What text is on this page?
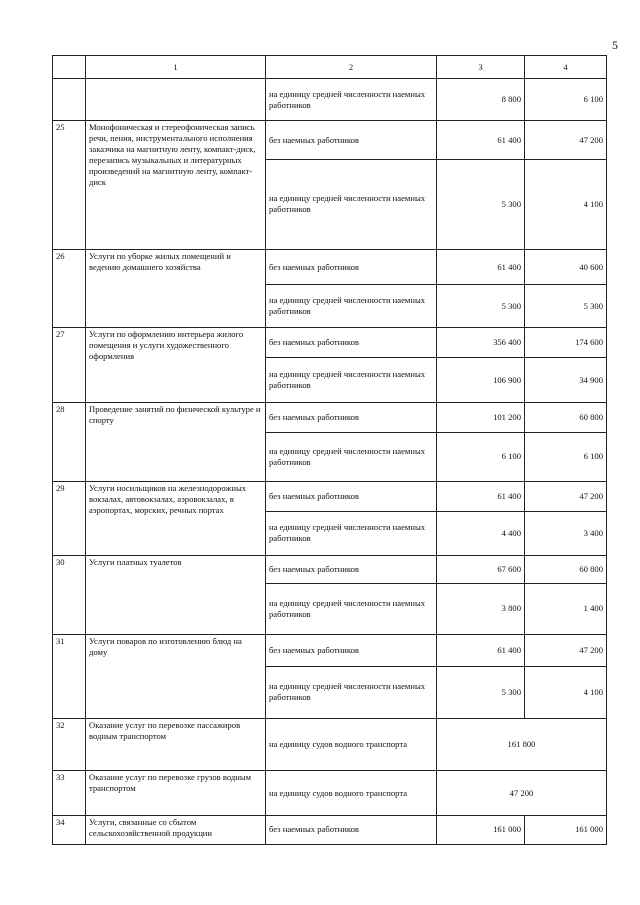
5
	1	2	3	4
		на единицу средней численности наемных работников	8 800	6 100
25	Монофоническая и стереофоническая запись речи, пения, инструментального исполнения заказчика на магнитную ленту, компакт-диск, перезапись музыкальных и литературных произведений на магнитную ленту, компакт-диск	без наемных работников	61 400	47 200
		на единицу средней численности наемных работников	5 300	4 100
26	Услуги по уборке жилых помещений и ведению домашнего хозяйства	без наемных работников	61 400	40 600
		на единицу средней численности наемных работников	5 300	5 300
27	Услуги по оформлению интерьера жилого помещения и услуги художественного оформления	без наемных работников	356 400	174 600
		на единицу средней численности наемных работников	106 900	34 900
28	Проведение занятий по физической культуре и спорту	без наемных работников	101 200	60 800
		на единицу средней численности наемных работников	6 100	6 100
29	Услуги носильщиков на железнодорожных вокзалах, автовокзалах, аэровокзалах, в аэропортах, морских, речных портах	без наемных работников	61 400	47 200
		на единицу средней численности наемных работников	4 400	3 400
30	Услуги платных туалетов	без наемных работников	67 600	60 800
		на единицу средней численности наемных работников	3 800	1 400
31	Услуги поваров по изготовлению блюд на дому	без наемных работников	61 400	47 200
		на единицу средней численности наемных работников	5 300	4 100
32	Оказание услуг по перевозке пассажиров водным транспортом	на единицу судов водного транспорта	161 800	
33	Оказание услуг по перевозке грузов водным транспортом	на единицу судов водного транспорта	47 200	
34	Услуги, связанные со сбытом сельскохозяйственной продукции	без наемных работников	161 000	161 000
